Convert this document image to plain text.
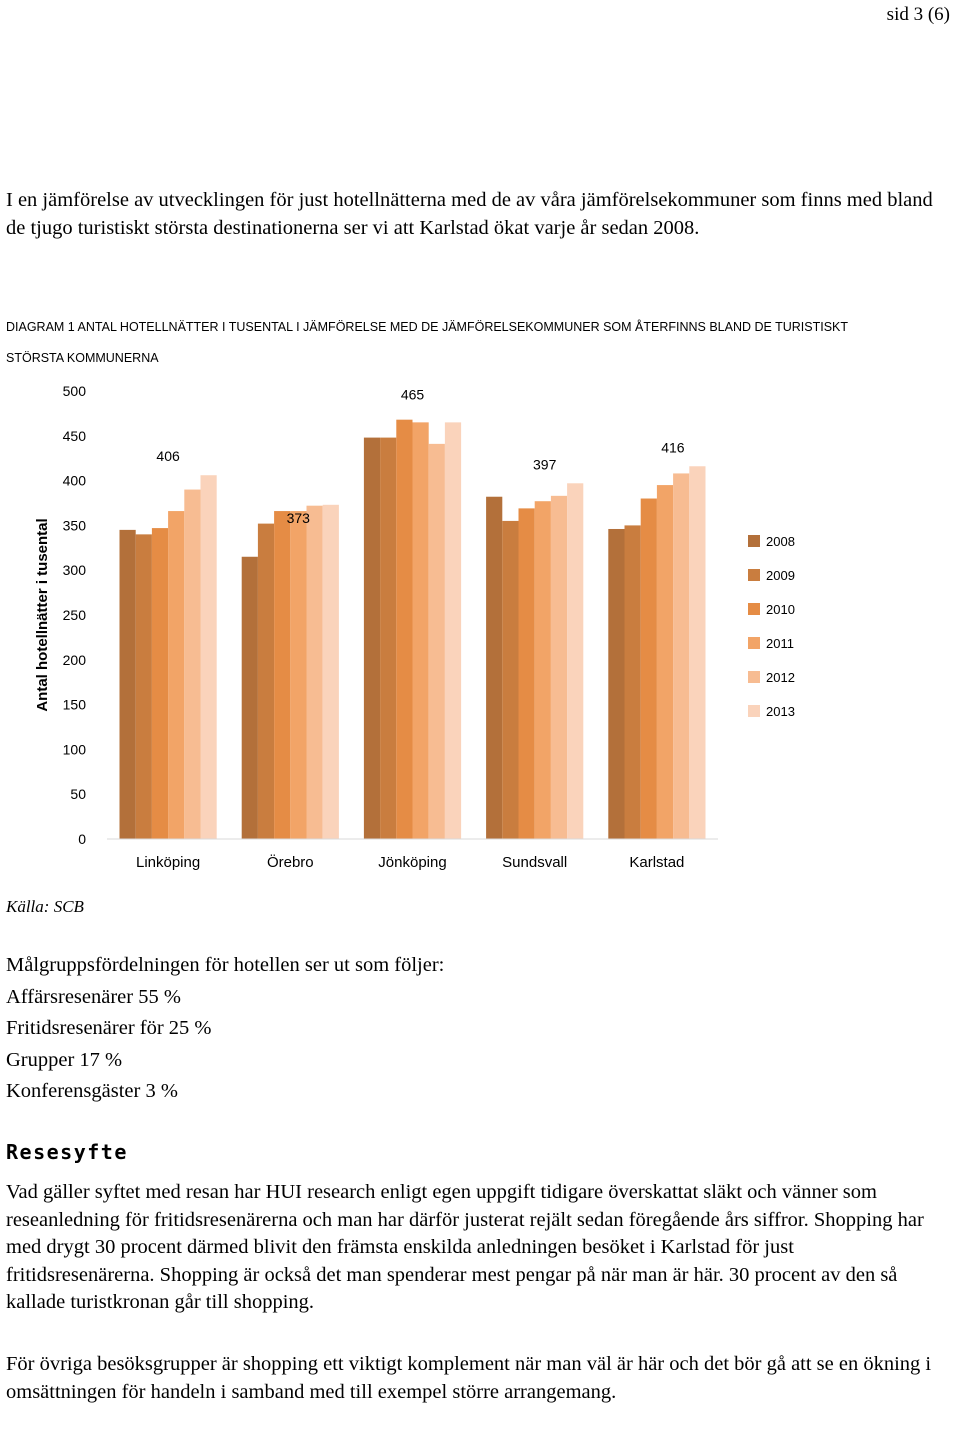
sid 3 (6)

I en jämförelse av utvecklingen för just hotellnätterna med de av våra jämförelsekommuner som finns med bland de tjugo turistiskt största destinationerna ser vi att Karlstad ökat varje år sedan 2008.

DIAGRAM 1 ANTAL HOTELLNÄTTER I TUSENTAL I JÄMFÖRELSE MED DE JÄMFÖRELSEKOMMUNER SOM ÅTERFINNS BLAND DE TURISTISKT STÖRSTA KOMMUNERNA

0
50
100
150
200
250
300
350
400
450
500
406
373
465
397
416
Linköping	Örebro	Jönköping	Sundsvall	Karlstad
2008
2009
2010
2011
2012
2013
Antal hotellnätter i tusental
Källa: SCB
Målgruppsfördelningen för hotellen ser ut som följer:
Affärsresenärer 55 %
Fritidsresenärer för 25 %
Grupper 17 %
Konferensgäster 3 %
Resesyfte

Vad gäller syftet med resan har HUI research enligt egen uppgift tidigare överskattat släkt och vänner som reseanledning för fritidsresenärerna och man har därför justerat rejält sedan föregående års siffror. Shopping har med drygt 30 procent därmed blivit den främsta enskilda anledningen besöket i Karlstad för just fritidsresenärerna. Shopping är också det man spenderar mest pengar på när man är här. 30 procent av den så kallade turistkronan går till shopping.

För övriga besöksgrupper är shopping ett viktigt komplement när man väl är här och det bör gå att se en ökning i omsättningen för handeln i samband med till exempel större arrangemang.
